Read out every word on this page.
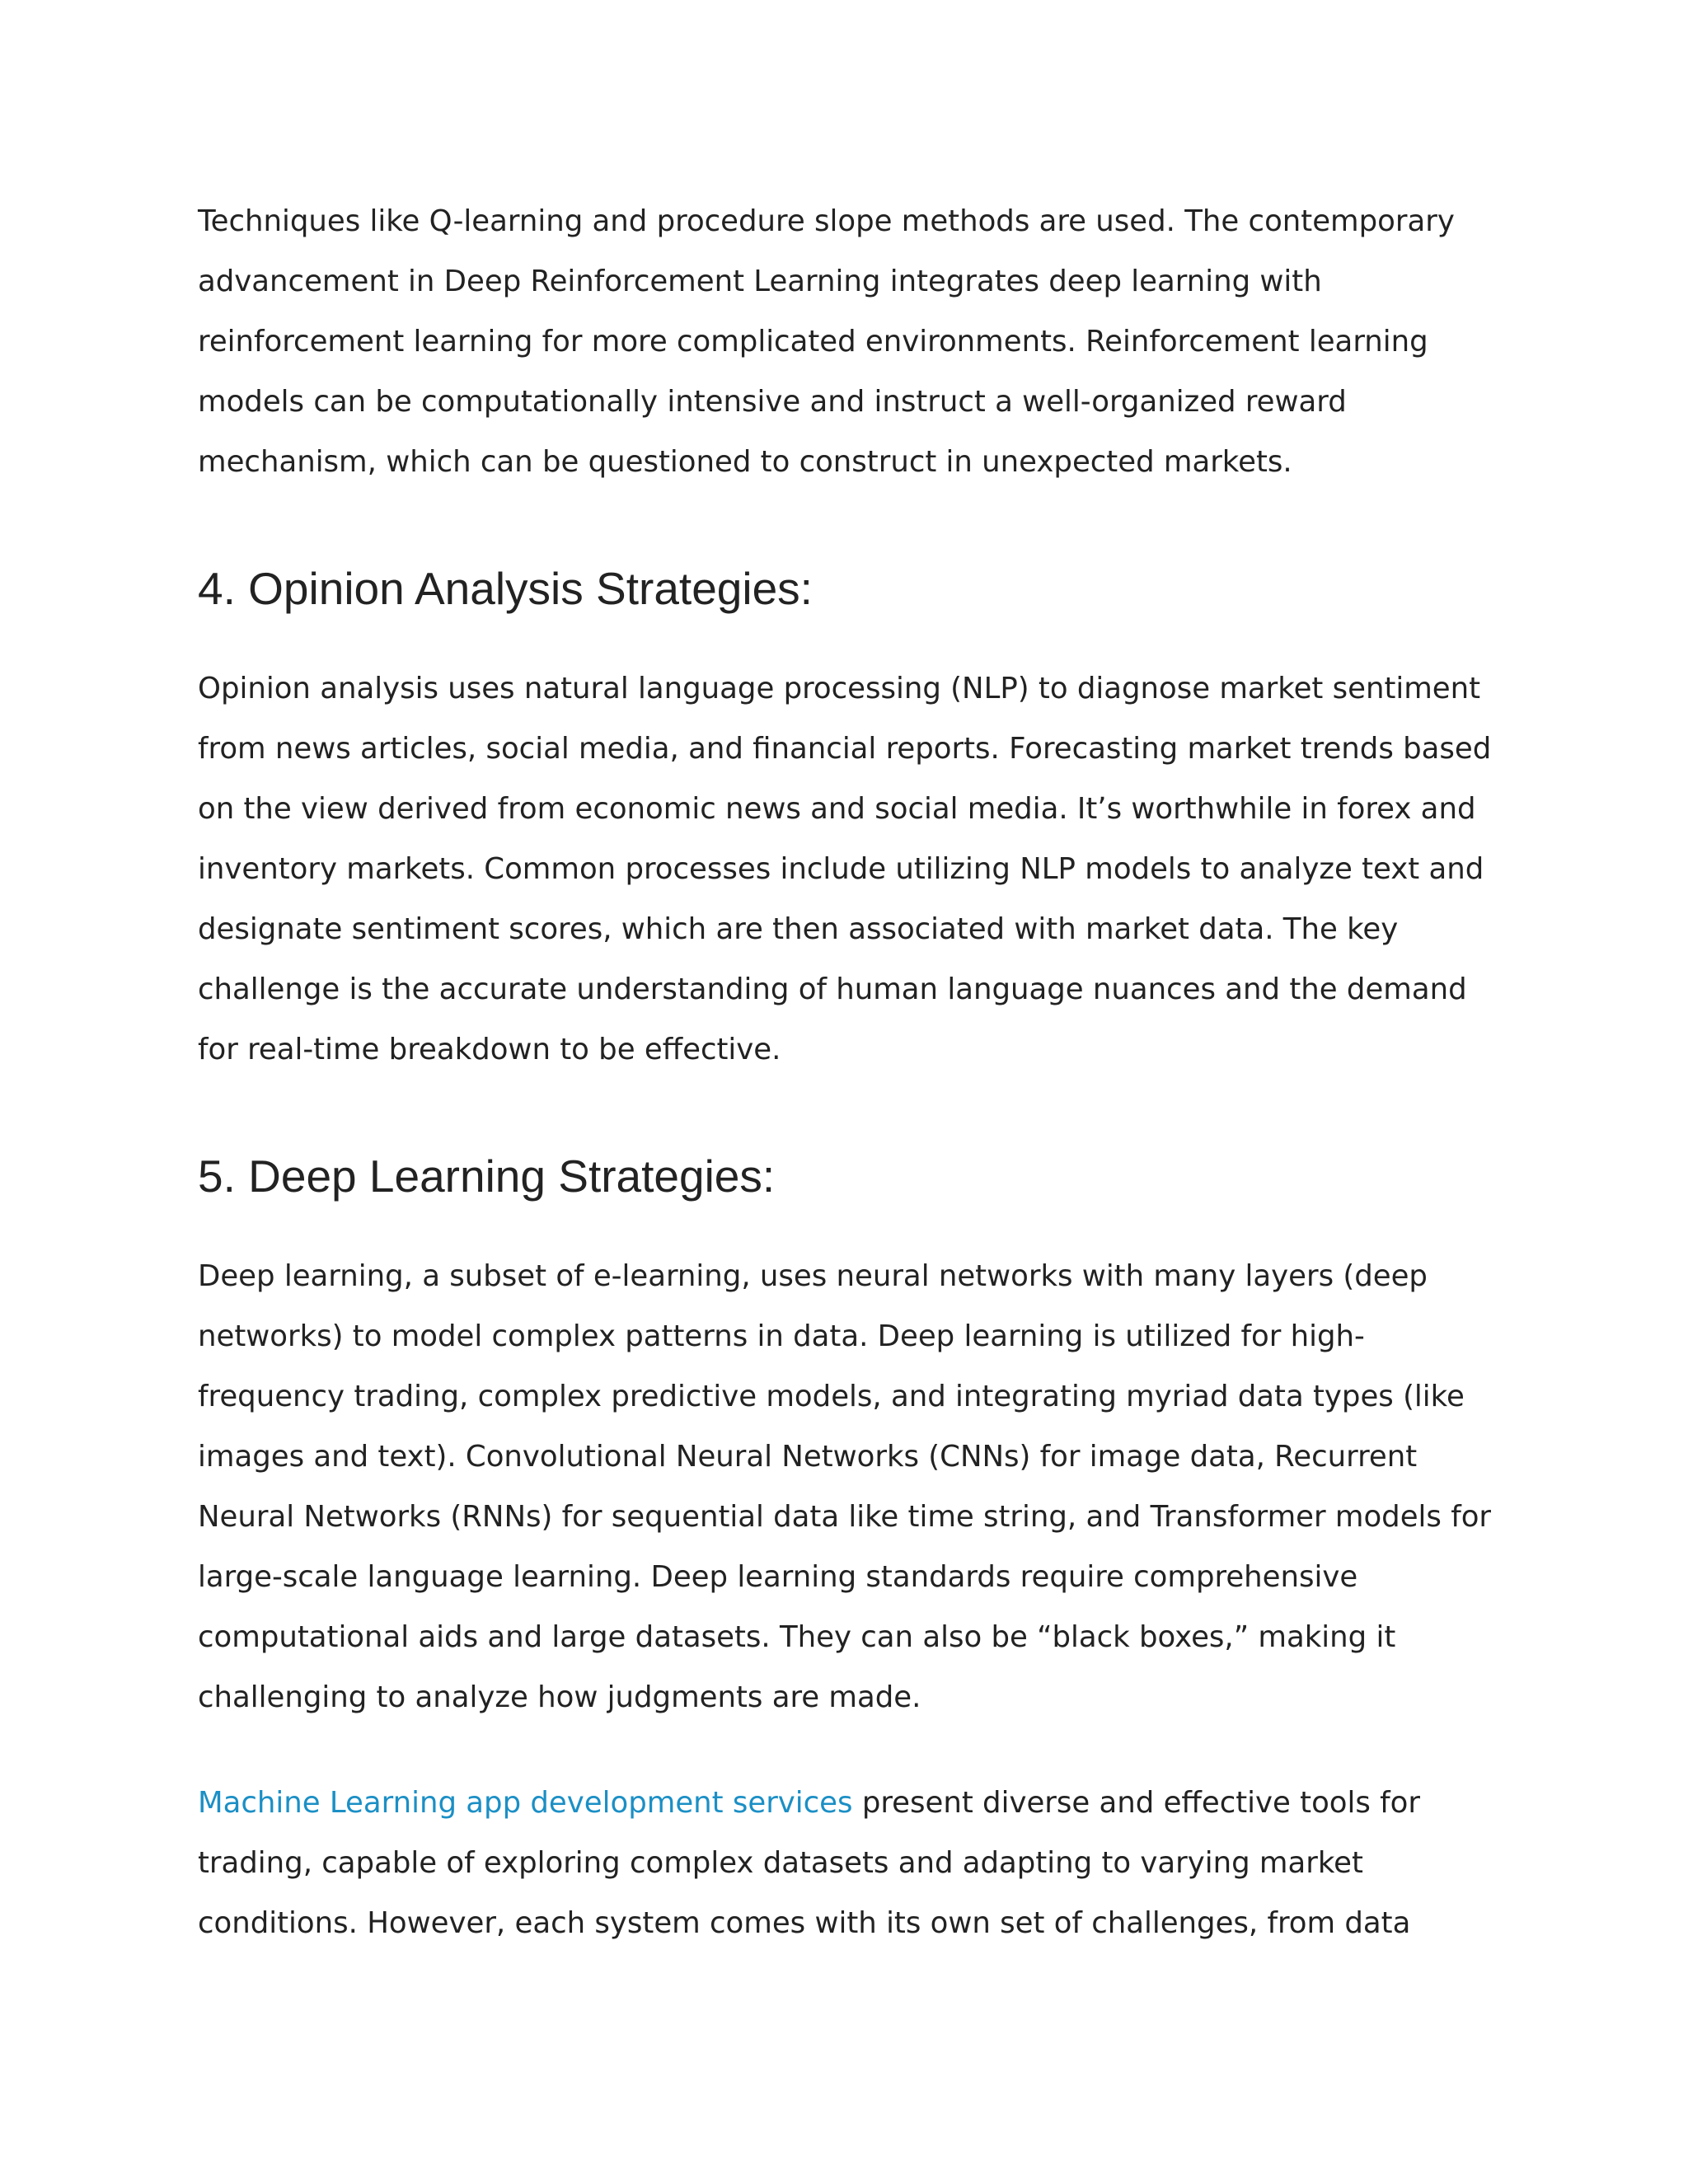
Techniques like Q-learning and procedure slope methods are used. The contemporary advancement in Deep Reinforcement Learning integrates deep learning with reinforcement learning for more complicated environments. Reinforcement learning models can be computationally intensive and instruct a well-organized reward mechanism, which can be questioned to construct in unexpected markets.

4. Opinion Analysis Strategies:

Opinion analysis uses natural language processing (NLP) to diagnose market sentiment from news articles, social media, and financial reports. Forecasting market trends based on the view derived from economic news and social media. It’s worthwhile in forex and inventory markets. Common processes include utilizing NLP models to analyze text and designate sentiment scores, which are then associated with market data. The key challenge is the accurate understanding of human language nuances and the demand for real-time breakdown to be effective.

5. Deep Learning Strategies:

Deep learning, a subset of e-learning, uses neural networks with many layers (deep networks) to model complex patterns in data. Deep learning is utilized for high-frequency trading, complex predictive models, and integrating myriad data types (like images and text). Convolutional Neural Networks (CNNs) for image data, Recurrent Neural Networks (RNNs) for sequential data like time string, and Transformer models for large-scale language learning. Deep learning standards require comprehensive computational aids and large datasets. They can also be “black boxes,” making it challenging to analyze how judgments are made.

Machine Learning app development services present diverse and effective tools for trading, capable of exploring complex datasets and adapting to varying market conditions. However, each system comes with its own set of challenges, from data
